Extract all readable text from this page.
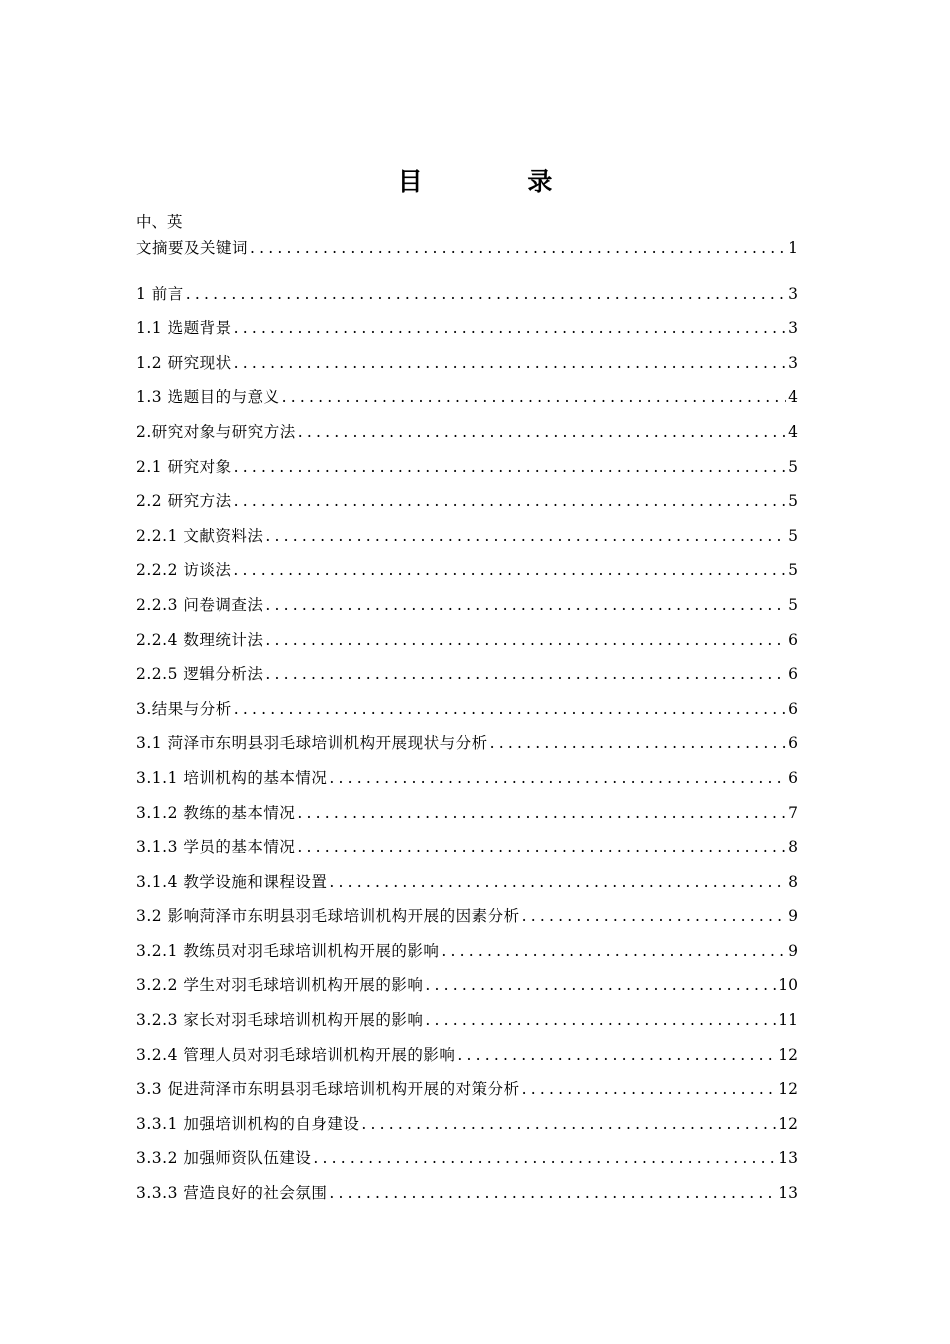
目 录
中、英
文摘要及关键词 .....	1
1 前言 .....	3
1.1 选题背景 .....	3
1.2 研究现状 .....	3
1.3 选题目的与意义 .....	4
2.研究对象与研究方法 .....	4
2.1 研究对象 .....	5
2.2 研究方法 .....	5
2.2.1 文献资料法 .....	5
2.2.2 访谈法 .....	5
2.2.3 问卷调查法 .....	5
2.2.4 数理统计法 .....	6
2.2.5 逻辑分析法 .....	6
3.结果与分析 .....	6
3.1 菏泽市东明县羽毛球培训机构开展现状与分析 .....	6
3.1.1 培训机构的基本情况 .....	6
3.1.2 教练的基本情况 .....	7
3.1.3 学员的基本情况 .....	8
3.1.4 教学设施和课程设置 .....	8
3.2 影响菏泽市东明县羽毛球培训机构开展的因素分析 .....	9
3.2.1 教练员对羽毛球培训机构开展的影响 .....	9
3.2.2 学生对羽毛球培训机构开展的影响 .....	10
3.2.3 家长对羽毛球培训机构开展的影响 .....	11
3.2.4 管理人员对羽毛球培训机构开展的影响 .....	12
3.3 促进菏泽市东明县羽毛球培训机构开展的对策分析 .....	12
3.3.1 加强培训机构的自身建设 .....	12
3.3.2 加强师资队伍建设 .....	13
3.3.3 营造良好的社会氛围 .....	13
